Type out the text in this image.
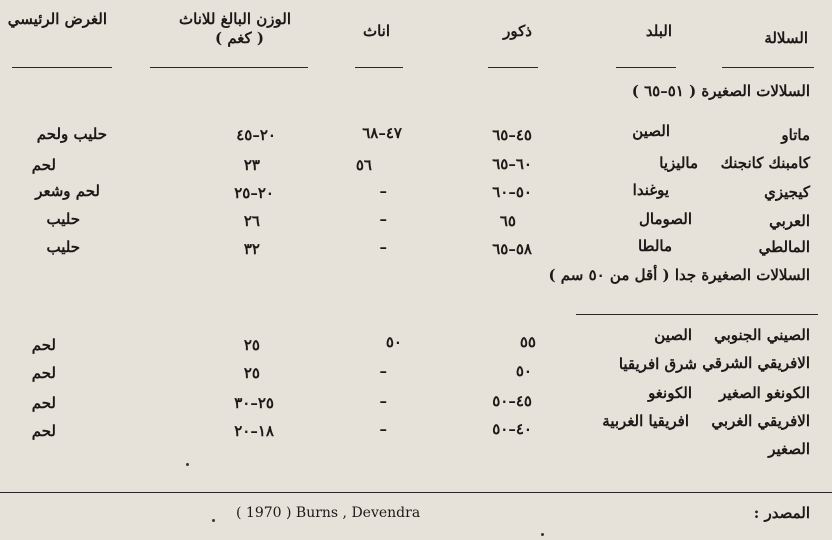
السلالة
البلد
ذكور
اناث
الوزن البالغ للاناث
( كغم )
الغرض الرئيسي
السلالات الصغيرة ( ٥١–٦٥ )
ماتاو
الصين
٤٥–٦٥
٤٧–٦٨
٢٠–٤٥
حليب ولحم
كامبنك كانجنك
ماليزيا
٦٠–٦٥
٥٦
٢٣
لحم
كيجيزي
يوغندا
٥٠–٦٠
–
٢٠–٢٥
لحم وشعر
العربي
الصومال
٦٥
–
٢٦
حليب
المالطي
مالطا
٥٨–٦٥
–
٣٢
حليب
السلالات الصغيرة جدا ( أقل من ٥٠ سم )
الصيني الجنوبي
الصين
٥٥
٥٠
٢٥
لحم
الافريقي الشرقي
شرق افريقيا
٥٠
–
٢٥
لحم
الكونغو الصغير
الكونغو
٤٥–٥٠
–
٢٥–٣٠
لحم
الافريقي الغربي
افريقيا الغربية
٤٠–٥٠
–
١٨–٢٠
لحم
الصغير
المصدر :
( 1970 ) Burns , Devendra
